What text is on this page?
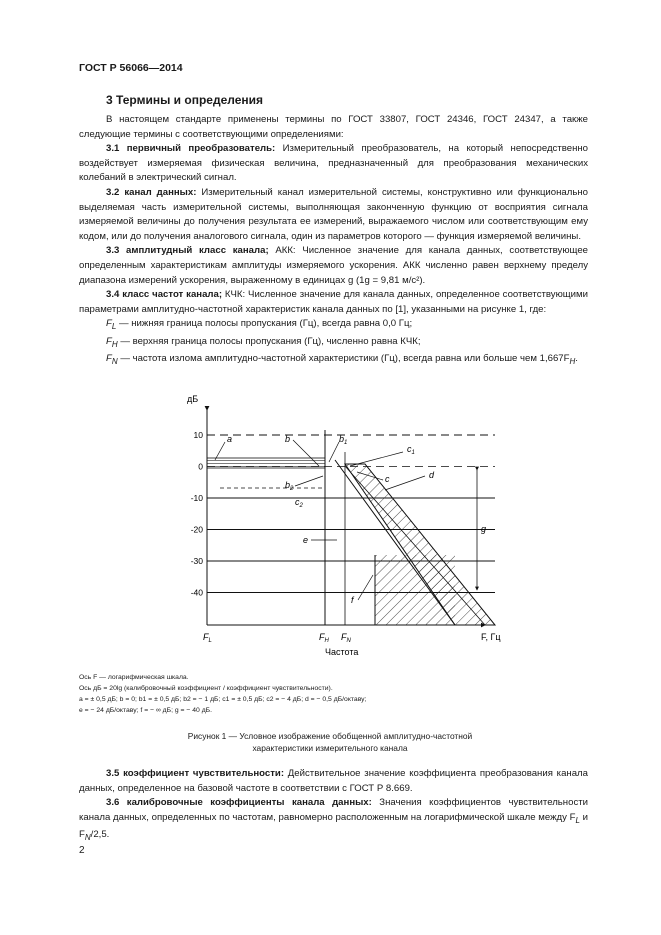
ГОСТ Р 56066—2014
3 Термины и определения

В настоящем стандарте применены термины по ГОСТ 33807, ГОСТ 24346, ГОСТ 24347, а также следующие термины с соответствующими определениями:

3.1 первичный преобразователь: Измерительный преобразователь, на который непосредственно воздействует измеряемая физическая величина, предназначенный для преобразования механических колебаний в электрический сигнал.

3.2 канал данных: Измерительный канал измерительной системы, конструктивно или функционально выделяемая часть измерительной системы, выполняющая законченную функцию от восприятия сигнала измеряемой величины до получения результата ее измерений, выражаемого числом или соответствующим ему кодом, или до получения аналогового сигнала, один из параметров которого — функция измеряемой величины.

3.3 амплитудный класс канала; АКК: Численное значение для канала данных, соответствующее определенным характеристикам амплитуды измеряемого ускорения. АКК численно равен верхнему пределу диапазона измерений ускорения, выраженному в единицах g (1g = 9,81 м/с²).

3.4 класс частот канала; КЧК: Численное значение для канала данных, определенное соответствующими параметрами амплитудно-частотной характеристик канала данных по [1], указанными на рисунке 1, где:

$F_L$ — нижняя граница полосы пропускания (Гц), всегда равна 0,0 Гц;

$F_H$ — верхняя граница полосы пропускания (Гц), численно равна КЧК;

$F_N$ — частота излома амплитудно-частотной характеристики (Гц), всегда равна или больше чем $1,667F_H$.

дБ
10
0
-10
-20
-30
-40
a	b	$b_1$
$c_1$
c	d
$b_2$
$c_2$
e
f
g
$F_L$	$F_H$ $F_N$	F, Гц
Частота
Ось F — логарифмическая шкала.
Ось дБ = 20lg (калибровочный коэффициент / коэффициент чувствительности).
a = ± 0,5 дБ; b = 0; b1 = ± 0,5 дБ; b2 = − 1 дБ; c1 = ± 0,5 дБ; c2 = − 4 дБ; d = − 0,5 дБ/октаву;
e = − 24 дБ/октаву; f = − ∞ дБ; g = − 40 дБ.
Рисунок 1 — Условное изображение обобщенной амплитудно-частотной
характеристики измерительного канала

3.5 коэффициент чувствительности: Действительное значение коэффициента преобразования канала данных, определенное на базовой частоте в соответствии с ГОСТ Р 8.669.

3.6 калибровочные коэффициенты канала данных: Значения коэффициентов чувствительности канала данных, определенных по частотам, равномерно расположенным на логарифмической шкале между $F_L$ и $F_N/2,5$.

2
